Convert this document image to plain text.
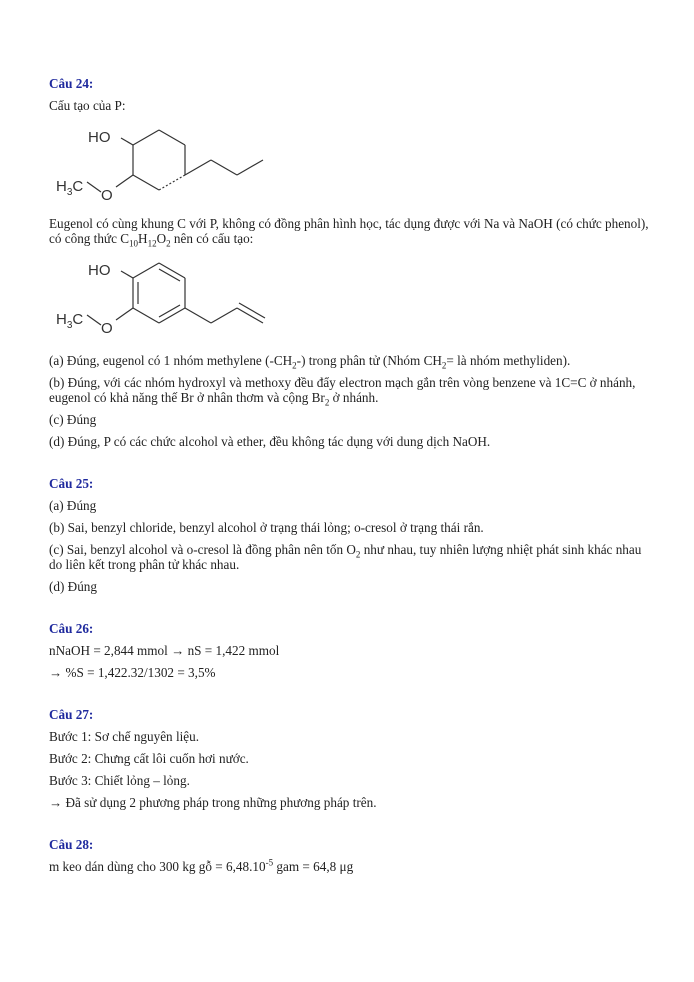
Câu 24:
Cấu tạo của P:
HO
$H_3C$
O
Eugenol có cùng khung C với P, không có đồng phân hình học, tác dụng được với Na và NaOH (có chức phenol), có công thức $C_{10}H_{12}O_2$ nên có cấu tạo:
HO
$H_3C$
O
(a) Đúng, eugenol có 1 nhóm methylene $(-CH_2-)$ trong phân tử (Nhóm $CH_2=$ là nhóm methyliden).
(b) Đúng, với các nhóm hydroxyl và methoxy đều đẩy electron mạch gắn trên vòng benzene và 1C=C ở nhánh, eugenol có khả năng thế Br ở nhân thơm và cộng $Br_2$ ở nhánh.
(c) Đúng
(d) Đúng, P có các chức alcohol và ether, đều không tác dụng với dung dịch NaOH.
Câu 25:
(a) Đúng
(b) Sai, benzyl chloride, benzyl alcohol ở trạng thái lỏng; o-cresol ở trạng thái rắn.
(c) Sai, benzyl alcohol và o-cresol là đồng phân nên tốn $O_2$ như nhau, tuy nhiên lượng nhiệt phát sinh khác nhau do liên kết trong phân tử khác nhau.
(d) Đúng
Câu 26:
nNaOH = 2,844 mmol → nS = 1,422 mmol
→ %S = 1,422.32/1302 = 3,5%
Câu 27:
Bước 1: Sơ chế nguyên liệu.
Bước 2: Chưng cất lôi cuốn hơi nước.
Bước 3: Chiết lỏng – lỏng.
→ Đã sử dụng 2 phương pháp trong những phương pháp trên.
Câu 28:
m keo dán dùng cho 300 kg gỗ = $6,48.10^{-5}$ gam = 64,8 μg
